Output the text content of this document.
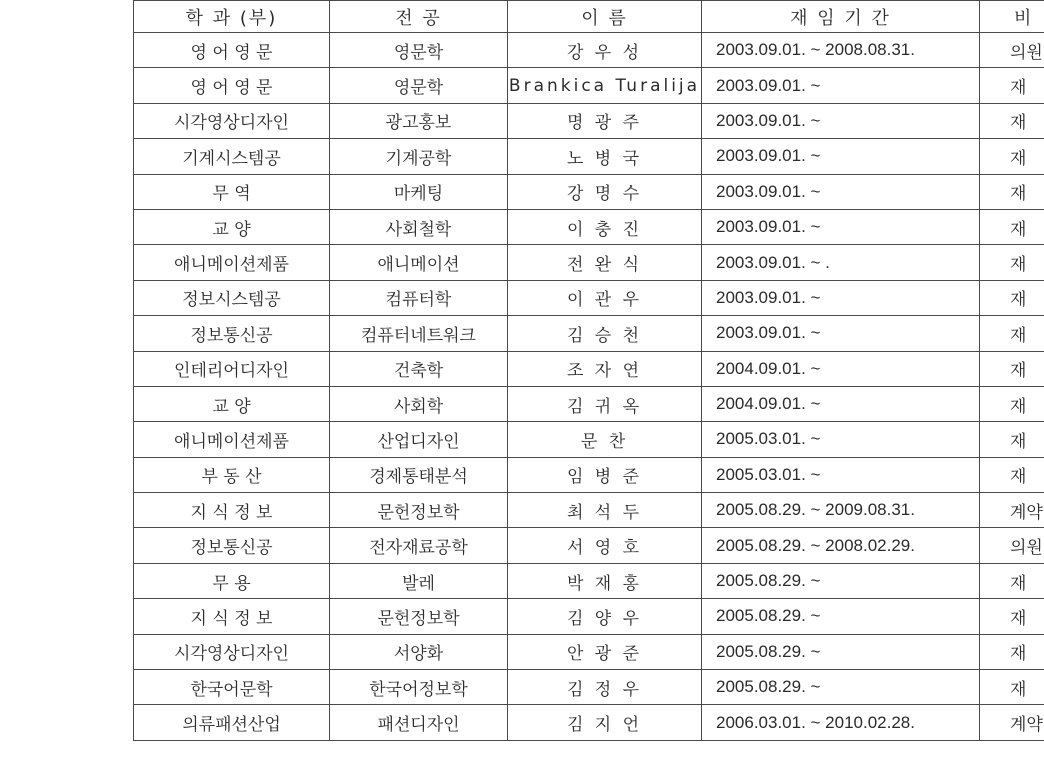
학 과 (부)	전 공	이 름	재 임 기 간	비
영 어 영 문	영문학	강 우 성	2003.09.01. ~ 2008.08.31.	의원
영 어 영 문	영문학	Brankica Turalija	2003.09.01. ~	재
시각영상디자인	광고홍보	명 광 주	2003.09.01. ~	재
기계시스템공	기계공학	노 병 국	2003.09.01. ~	재
무 역	마케팅	강 명 수	2003.09.01. ~	재
교 양	사회철학	이 충 진	2003.09.01. ~	재
애니메이션제품	애니메이션	전 완 식	2003.09.01. ~ .	재
정보시스템공	컴퓨터학	이 관 우	2003.09.01. ~	재
정보통신공	컴퓨터네트워크	김 승 천	2003.09.01. ~	재
인테리어디자인	건축학	조 자 연	2004.09.01. ~	재
교 양	사회학	김 귀 옥	2004.09.01. ~	재
애니메이션제품	산업디자인	문 찬	2005.03.01. ~	재
부 동 산	경제통태분석	임 병 준	2005.03.01. ~	재
지 식 정 보	문헌정보학	최 석 두	2005.08.29. ~ 2009.08.31.	계약
정보통신공	전자재료공학	서 영 호	2005.08.29. ~ 2008.02.29.	의원
무 용	발레	박 재 홍	2005.08.29. ~	재
지 식 정 보	문헌정보학	김 양 우	2005.08.29. ~	재
시각영상디자인	서양화	안 광 준	2005.08.29. ~	재
한국어문학	한국어정보학	김 정 우	2005.08.29. ~	재
의류패션산업	패션디자인	김 지 언	2006.03.01. ~ 2010.02.28.	계약
